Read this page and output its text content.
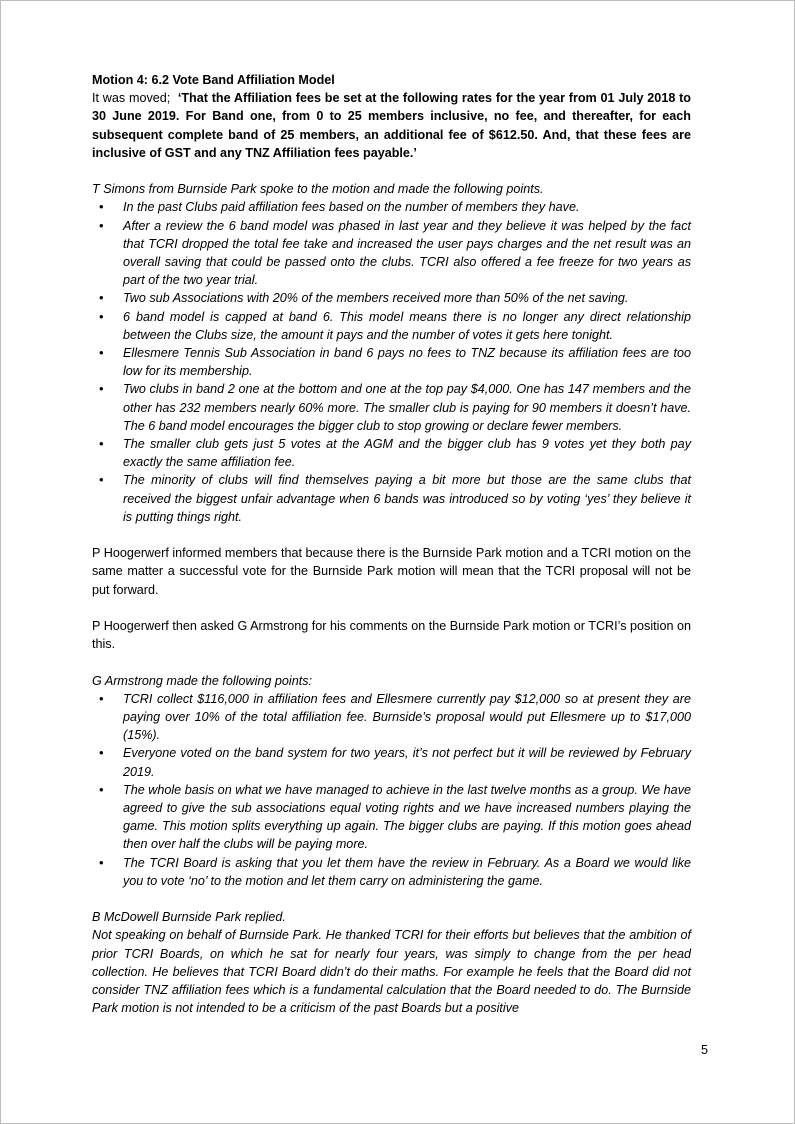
Motion 4: 6.2 Vote Band Affiliation Model

It was moved; ‘That the Affiliation fees be set at the following rates for the year from 01 July 2018 to 30 June 2019. For Band one, from 0 to 25 members inclusive, no fee, and thereafter, for each subsequent complete band of 25 members, an additional fee of $612.50. And, that these fees are inclusive of GST and any TNZ Affiliation fees payable.’

T Simons from Burnside Park spoke to the motion and made the following points.

• In the past Clubs paid affiliation fees based on the number of members they have.
• After a review the 6 band model was phased in last year and they believe it was helped by the fact that TCRI dropped the total fee take and increased the user pays charges and the net result was an overall saving that could be passed onto the clubs. TCRI also offered a fee freeze for two years as part of the two year trial.
• Two sub Associations with 20% of the members received more than 50% of the net saving.
• 6 band model is capped at band 6. This model means there is no longer any direct relationship between the Clubs size, the amount it pays and the number of votes it gets here tonight.
• Ellesmere Tennis Sub Association in band 6 pays no fees to TNZ because its affiliation fees are too low for its membership.
• Two clubs in band 2 one at the bottom and one at the top pay $4,000. One has 147 members and the other has 232 members nearly 60% more. The smaller club is paying for 90 members it doesn’t have. The 6 band model encourages the bigger club to stop growing or declare fewer members.
• The smaller club gets just 5 votes at the AGM and the bigger club has 9 votes yet they both pay exactly the same affiliation fee.
• The minority of clubs will find themselves paying a bit more but those are the same clubs that received the biggest unfair advantage when 6 bands was introduced so by voting ‘yes’ they believe it is putting things right.

P Hoogerwerf informed members that because there is the Burnside Park motion and a TCRI motion on the same matter a successful vote for the Burnside Park motion will mean that the TCRI proposal will not be put forward.

P Hoogerwerf then asked G Armstrong for his comments on the Burnside Park motion or TCRI’s position on this.

G Armstrong made the following points:

• TCRI collect $116,000 in affiliation fees and Ellesmere currently pay $12,000 so at present they are paying over 10% of the total affiliation fee. Burnside’s proposal would put Ellesmere up to $17,000 (15%).
• Everyone voted on the band system for two years, it’s not perfect but it will be reviewed by February 2019.
• The whole basis on what we have managed to achieve in the last twelve months as a group. We have agreed to give the sub associations equal voting rights and we have increased numbers playing the game. This motion splits everything up again. The bigger clubs are paying. If this motion goes ahead then over half the clubs will be paying more.
• The TCRI Board is asking that you let them have the review in February. As a Board we would like you to vote ‘no’ to the motion and let them carry on administering the game.

B McDowell Burnside Park replied.

Not speaking on behalf of Burnside Park. He thanked TCRI for their efforts but believes that the ambition of prior TCRI Boards, on which he sat for nearly four years, was simply to change from the per head collection. He believes that TCRI Board didn’t do their maths. For example he feels that the Board did not consider TNZ affiliation fees which is a fundamental calculation that the Board needed to do. The Burnside Park motion is not intended to be a criticism of the past Boards but a positive

5
